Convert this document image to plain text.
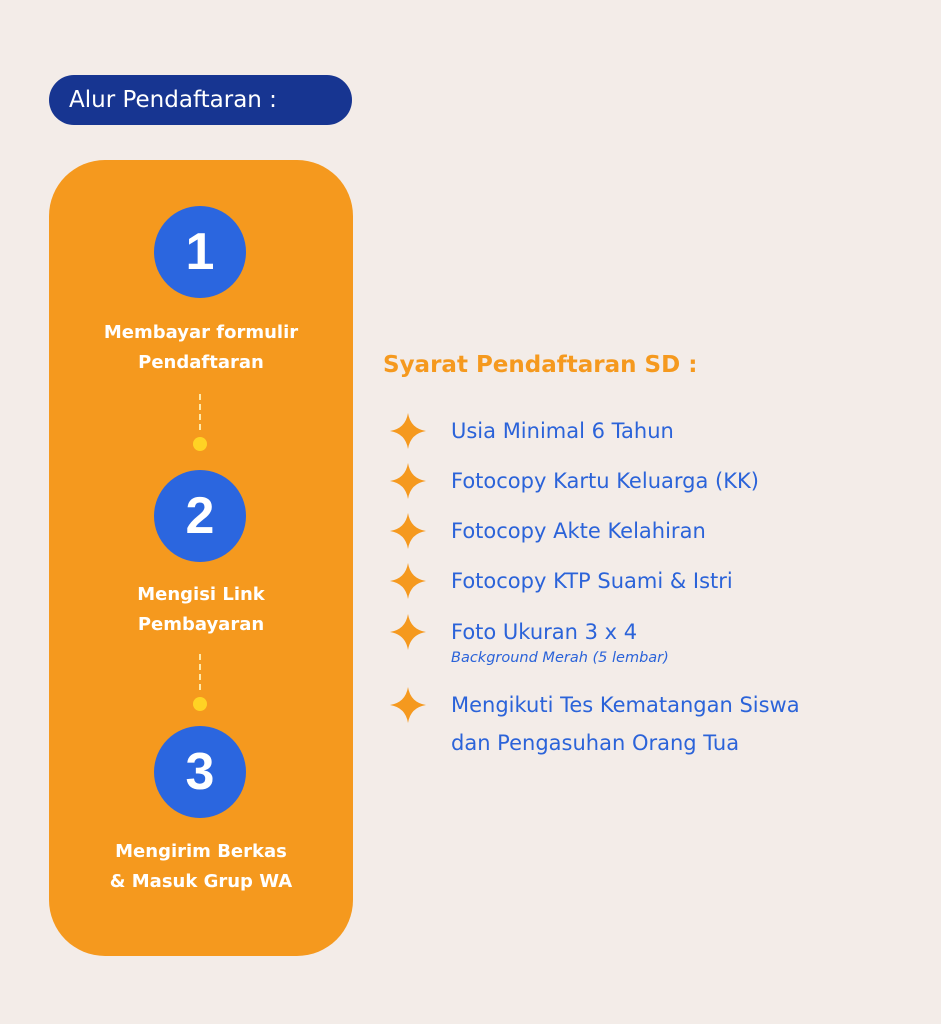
Alur Pendaftaran :
1
Membayar formulir
Pendaftaran
2
Mengisi Link
Pembayaran
3
Mengirim Berkas
& Masuk Grup WA
Syarat Pendaftaran SD :
Usia Minimal 6 Tahun
Fotocopy Kartu Keluarga (KK)
Fotocopy Akte Kelahiran
Fotocopy KTP Suami & Istri
Foto Ukuran 3 x 4
Background Merah (5 lembar)
Mengikuti Tes Kematangan Siswa
dan Pengasuhan Orang Tua
